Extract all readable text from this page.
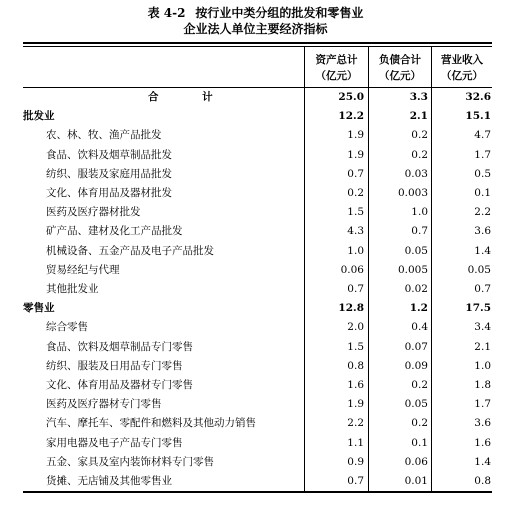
表 4-2 按行业中类分组的批发和零售业
企业法人单位主要经济指标
资产总计
（亿元）
负债合计
（亿元）
营业收入
（亿元）
合 计	25.0	3.3	32.6
批发业	12.2	2.1	15.1
农、林、牧、渔产品批发	1.9	0.2	4.7
食品、饮料及烟草制品批发	1.9	0.2	1.7
纺织、服装及家庭用品批发	0.7	0.03	0.5
文化、体育用品及器材批发	0.2	0.003	0.1
医药及医疗器材批发	1.5	1.0	2.2
矿产品、建材及化工产品批发	4.3	0.7	3.6
机械设备、五金产品及电子产品批发	1.0	0.05	1.4
贸易经纪与代理	0.06	0.005	0.05
其他批发业	0.7	0.02	0.7
零售业	12.8	1.2	17.5
综合零售	2.0	0.4	3.4
食品、饮料及烟草制品专门零售	1.5	0.07	2.1
纺织、服装及日用品专门零售	0.8	0.09	1.0
文化、体育用品及器材专门零售	1.6	0.2	1.8
医药及医疗器材专门零售	1.9	0.05	1.7
汽车、摩托车、零配件和燃料及其他动力销售	2.2	0.2	3.6
家用电器及电子产品专门零售	1.1	0.1	1.6
五金、家具及室内装饰材料专门零售	0.9	0.06	1.4
货摊、无店铺及其他零售业	0.7	0.01	0.8
